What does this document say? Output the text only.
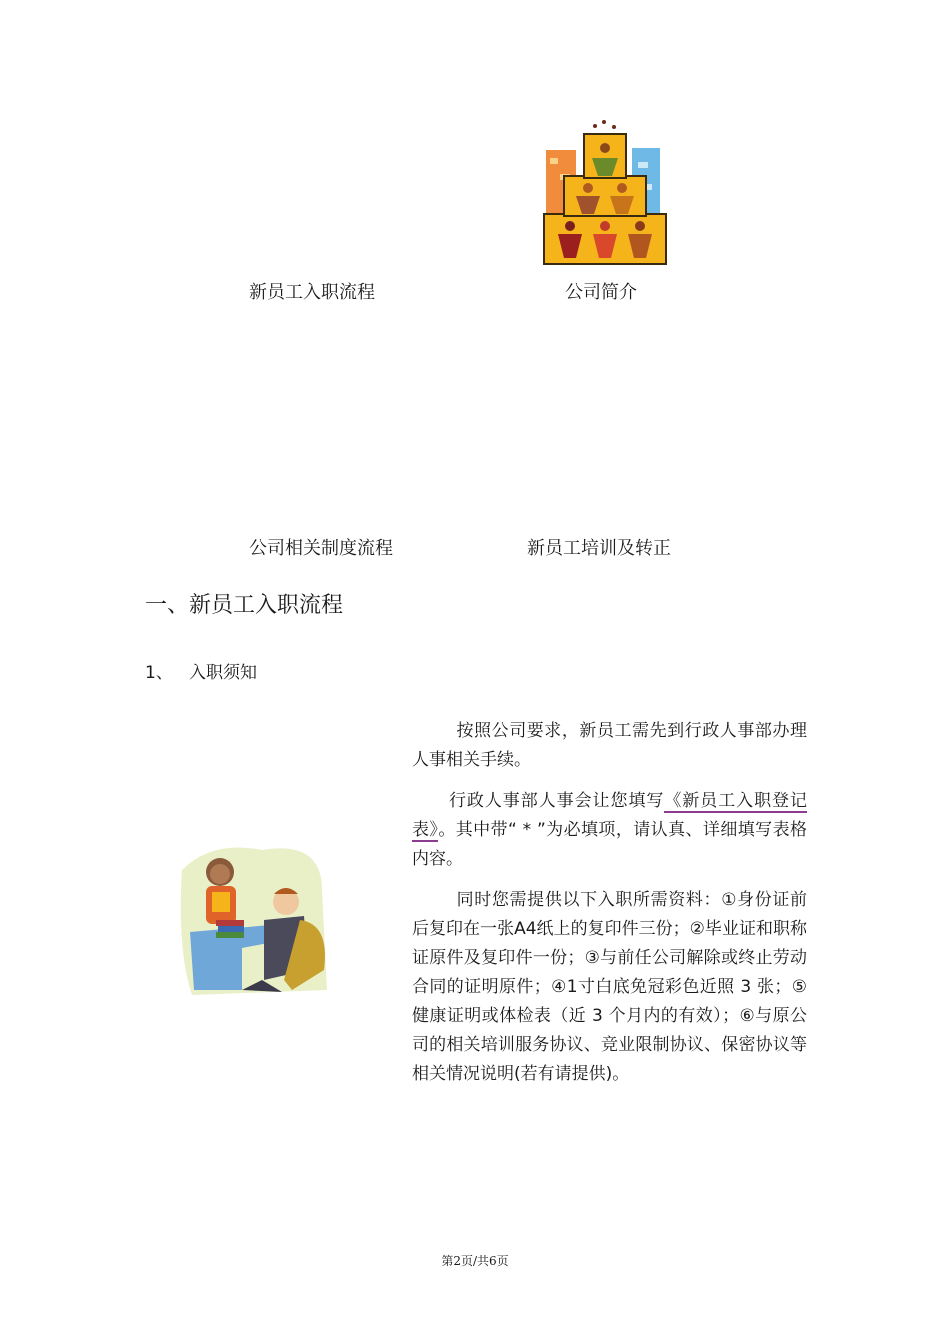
新员工入职流程	公司简介
公司相关制度流程	新员工培训及转正
一、新员工入职流程
1、 入职须知

按照公司要求，新员工需先到行政人事部办理人事相关手续。

行政人事部人事会让您填写《新员工入职登记表》。其中带“ * ”为必填项，请认真、详细填写表格内容。

同时您需提供以下入职所需资料：①身份证前后复印在一张A4纸上的复印件三份；②毕业证和职称证原件及复印件一份；③与前任公司解除或终止劳动合同的证明原件；④1寸白底免冠彩色近照 3 张；⑤健康证明或体检表（近 3 个月内的有效）；⑥与原公司的相关培训服务协议、竞业限制协议、保密协议等相关情况说明(若有请提供)。

第2页/共6页
